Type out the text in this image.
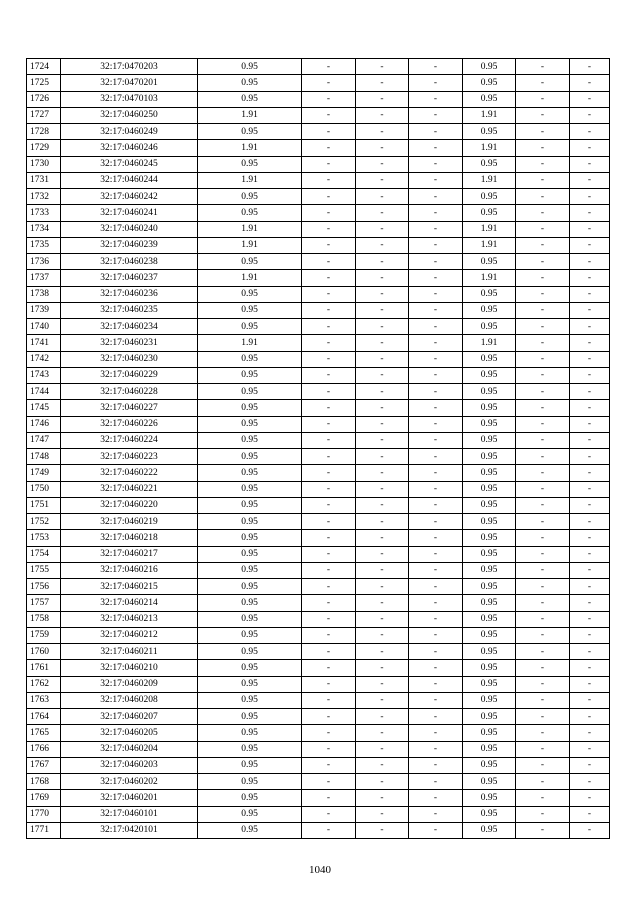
1724	32:17:0470203	0.95	-	-	-	0.95	-	-
1725	32:17:0470201	0.95	-	-	-	0.95	-	-
1726	32:17:0470103	0.95	-	-	-	0.95	-	-
1727	32:17:0460250	1.91	-	-	-	1.91	-	-
1728	32:17:0460249	0.95	-	-	-	0.95	-	-
1729	32:17:0460246	1.91	-	-	-	1.91	-	-
1730	32:17:0460245	0.95	-	-	-	0.95	-	-
1731	32:17:0460244	1.91	-	-	-	1.91	-	-
1732	32:17:0460242	0.95	-	-	-	0.95	-	-
1733	32:17:0460241	0.95	-	-	-	0.95	-	-
1734	32:17:0460240	1.91	-	-	-	1.91	-	-
1735	32:17:0460239	1.91	-	-	-	1.91	-	-
1736	32:17:0460238	0.95	-	-	-	0.95	-	-
1737	32:17:0460237	1.91	-	-	-	1.91	-	-
1738	32:17:0460236	0.95	-	-	-	0.95	-	-
1739	32:17:0460235	0.95	-	-	-	0.95	-	-
1740	32:17:0460234	0.95	-	-	-	0.95	-	-
1741	32:17:0460231	1.91	-	-	-	1.91	-	-
1742	32:17:0460230	0.95	-	-	-	0.95	-	-
1743	32:17:0460229	0.95	-	-	-	0.95	-	-
1744	32:17:0460228	0.95	-	-	-	0.95	-	-
1745	32:17:0460227	0.95	-	-	-	0.95	-	-
1746	32:17:0460226	0.95	-	-	-	0.95	-	-
1747	32:17:0460224	0.95	-	-	-	0.95	-	-
1748	32:17:0460223	0.95	-	-	-	0.95	-	-
1749	32:17:0460222	0.95	-	-	-	0.95	-	-
1750	32:17:0460221	0.95	-	-	-	0.95	-	-
1751	32:17:0460220	0.95	-	-	-	0.95	-	-
1752	32:17:0460219	0.95	-	-	-	0.95	-	-
1753	32:17:0460218	0.95	-	-	-	0.95	-	-
1754	32:17:0460217	0.95	-	-	-	0.95	-	-
1755	32:17:0460216	0.95	-	-	-	0.95	-	-
1756	32:17:0460215	0.95	-	-	-	0.95	-	-
1757	32:17:0460214	0.95	-	-	-	0.95	-	-
1758	32:17:0460213	0.95	-	-	-	0.95	-	-
1759	32:17:0460212	0.95	-	-	-	0.95	-	-
1760	32:17:0460211	0.95	-	-	-	0.95	-	-
1761	32:17:0460210	0.95	-	-	-	0.95	-	-
1762	32:17:0460209	0.95	-	-	-	0.95	-	-
1763	32:17:0460208	0.95	-	-	-	0.95	-	-
1764	32:17:0460207	0.95	-	-	-	0.95	-	-
1765	32:17:0460205	0.95	-	-	-	0.95	-	-
1766	32:17:0460204	0.95	-	-	-	0.95	-	-
1767	32:17:0460203	0.95	-	-	-	0.95	-	-
1768	32:17:0460202	0.95	-	-	-	0.95	-	-
1769	32:17:0460201	0.95	-	-	-	0.95	-	-
1770	32:17:0460101	0.95	-	-	-	0.95	-	-
1771	32:17:0420101	0.95	-	-	-	0.95	-	-
1040
